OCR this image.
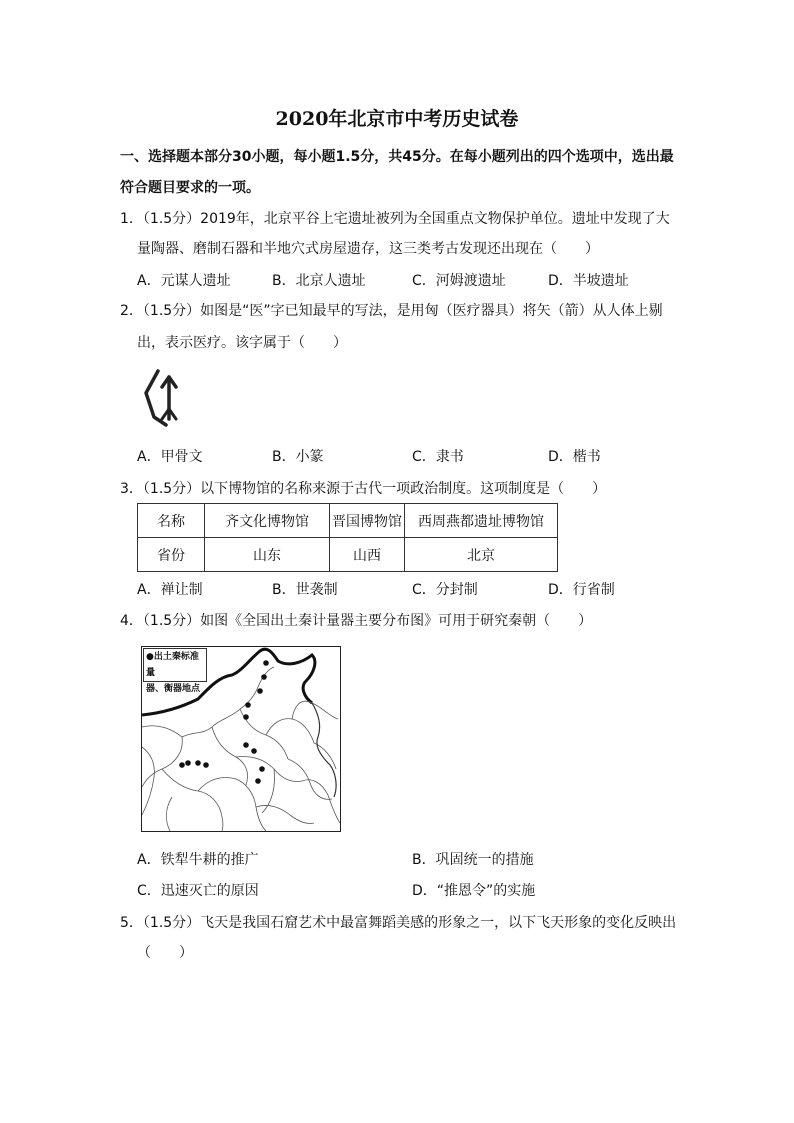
2020年北京市中考历史试卷
一、选择题本部分30小题，每小题1.5分，共45分。在每小题列出的四个选项中，选出最
符合题目要求的一项。
1．（1.5分）2019年，北京平谷上宅遗址被列为全国重点文物保护单位。遗址中发现了大
量陶器、磨制石器和半地穴式房屋遗存，这三类考古发现还出现在（　　）
A．元谋人遗址	B．北京人遗址	C．河姆渡遗址	D．半坡遗址
2．（1.5分）如图是“医”字已知最早的写法，是用匈（医疗器具）将矢（箭）从人体上剔
出，表示医疗。该字属于（　　）
A．甲骨文	B．小篆	C．隶书	D．楷书
3．（1.5分）以下博物馆的名称来源于古代一项政治制度。这项制度是（　　）
名称	齐文化博物馆	晋国博物馆	西周燕都遗址博物馆
省份	山东	山西	北京
A．禅让制	B．世袭制	C．分封制	D．行省制
4．（1.5分）如图《全国出土秦计量器主要分布图》可用于研究秦朝（　　）
●出土秦标准量
器、衡器地点
A．铁犁牛耕的推广	B．巩固统一的措施
C．迅速灭亡的原因	D．“推恩令”的实施
5．（1.5分）飞天是我国石窟艺术中最富舞蹈美感的形象之一，以下飞天形象的变化反映出
（　　）
